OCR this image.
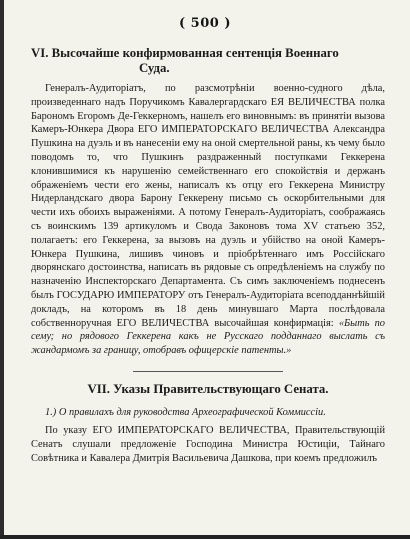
( 500 )
VI. Высочайше конфирмованная сентенція Военнаго
Суда.

Генералъ-Аудиторіатъ, по разсмотрѣніи военно-судного дѣла, произведеннаго надъ Поручикомъ Кавалергардскаго ЕЯ ВЕЛИЧЕСТВА полка Барономъ Егоромъ Де-Геккерномъ, нашелъ его виновнымъ: въ принятіи вызова Камеръ-Юнкера Двора ЕГО ИМПЕРАТОРСКАГО ВЕЛИЧЕСТВА Александра Пушкина на дуэль и въ нанесеніи ему на оной смертельной раны, къ чему было поводомъ то, что Пушкинъ раздраженный поступками Геккерена клонившимися къ нарушенію семейственнаго его спокойствія и держанъ ображеніемъ чести его жены, написалъ къ отцу его Геккерена Министру Нидерландскаго двора Барону Геккерену письмо съ оскорбительными для чести ихъ обоихъ выраженіями. А потому Генералъ-Аудиторіатъ, соображаясь съ воинскимъ 139 артикуломъ и Свода Законовъ тома XV статьею 352, полагаетъ: его Геккерена, за вызовъ на дуэль и убійство на оной Камеръ-Юнкера Пушкина, лишивъ чиновъ и пріобрѣтеннаго имъ Россійскаго дворянскаго достоинства, написать въ рядовые съ опредѣленіемъ на службу по назначенію Инспекторскаго Департамента. Съ симъ заключеніемъ поднесенъ былъ ГОСУДАРЮ ИМПЕРАТОРУ отъ Генералъ-Аудиторіата всеподданнѣйшій докладъ, на которомъ въ 18 день минувшаго Марта послѣдовала собственноручная ЕГО ВЕЛИЧЕСТВА высочайшая конфирмація: «Быть по сему; но рядового Геккерена какъ не Русскаго подданнаго выслать съ жандармомъ за границу, отобравъ офицерскіе патенты.»

VII. Указы Правительствующаго Сената.
1.) О правилахъ для руководства Археографической Коммиссіи.

По указу ЕГО ИМПЕРАТОРСКАГО ВЕЛИЧЕСТВА, Правительствующій Сенатъ слушали предложеніе Господина Министра Юстиціи, Тайнаго Совѣтника и Кавалера Дмитрія Васильевича Дашкова, при коемъ предложилъ
